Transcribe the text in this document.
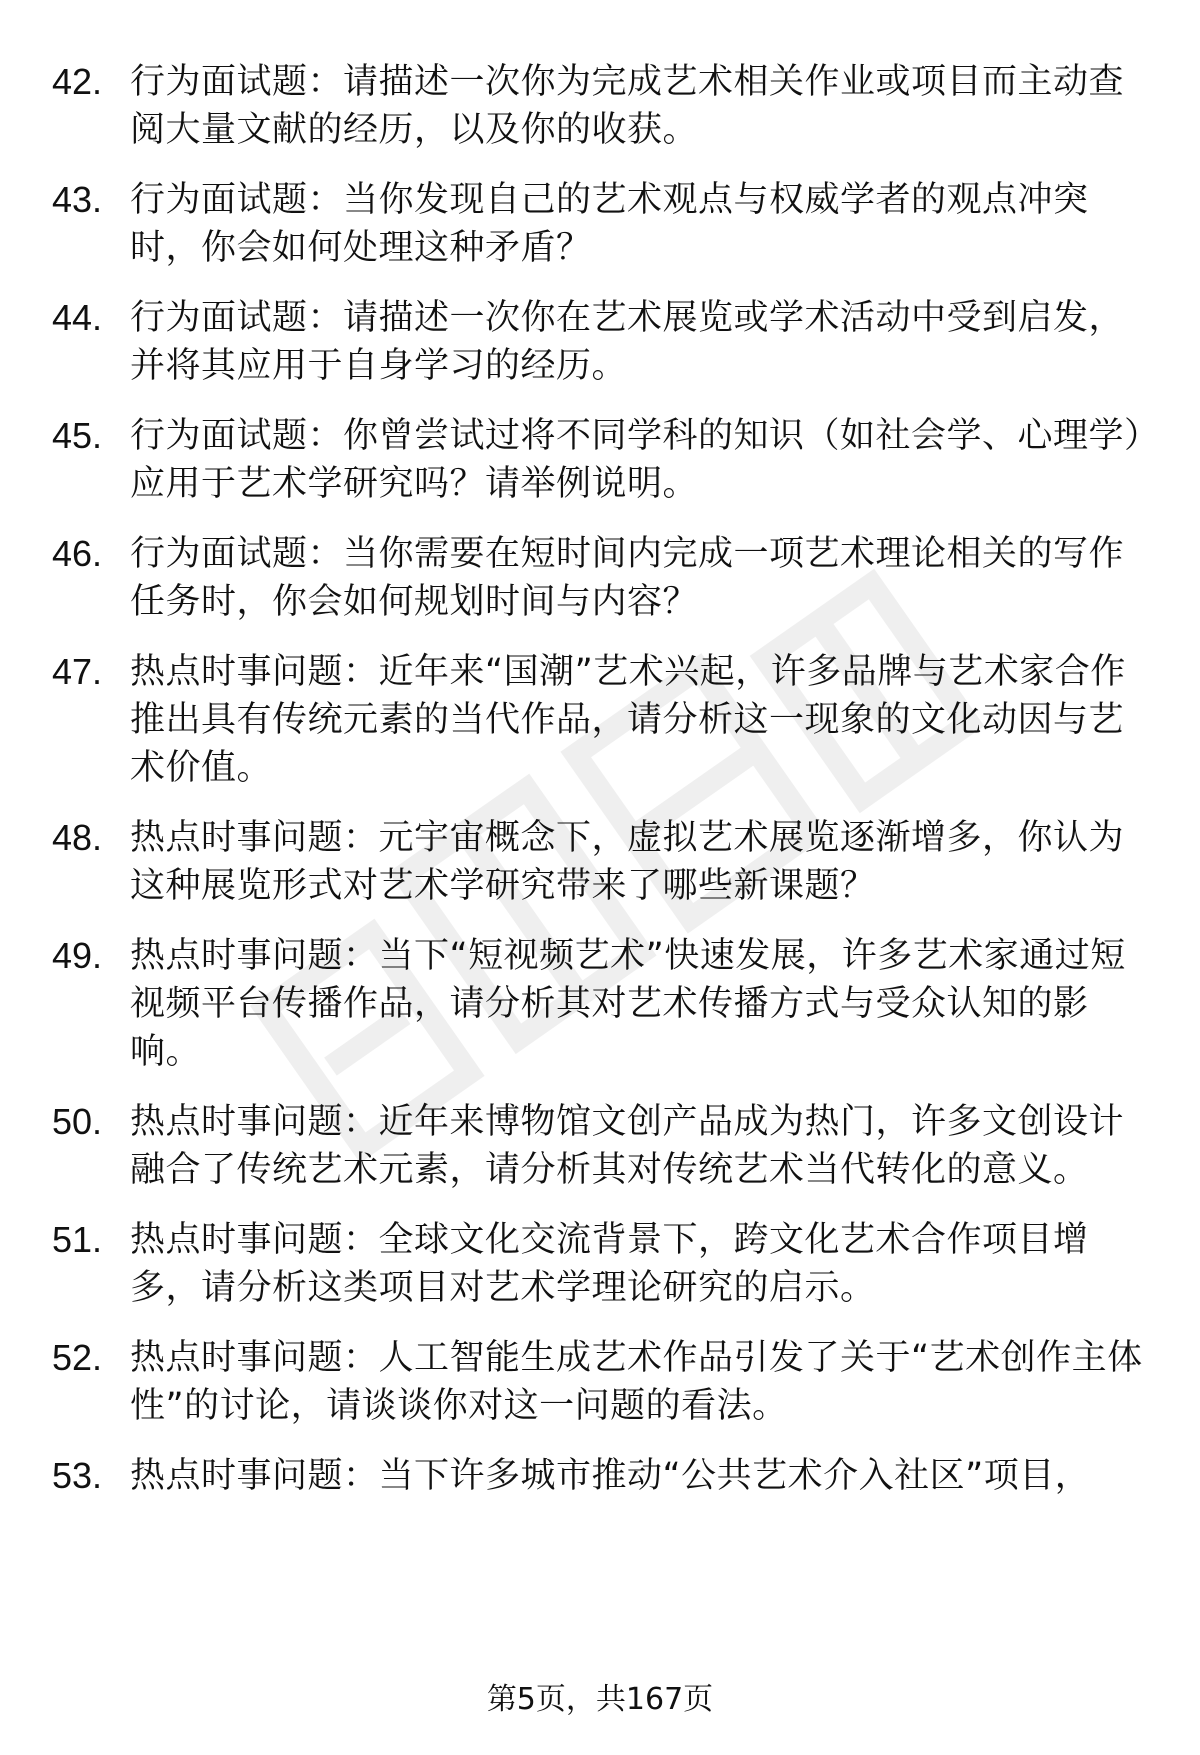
42. 行为面试题：请描述一次你为完成艺术相关作业或项目而主动查阅大量文献的经历，以及你的收获。
43. 行为面试题：当你发现自己的艺术观点与权威学者的观点冲突时，你会如何处理这种矛盾？
44. 行为面试题：请描述一次你在艺术展览或学术活动中受到启发，并将其应用于自身学习的经历。
45. 行为面试题：你曾尝试过将不同学科的知识（如社会学、心理学）应用于艺术学研究吗？请举例说明。
46. 行为面试题：当你需要在短时间内完成一项艺术理论相关的写作任务时，你会如何规划时间与内容？
47. 热点时事问题：近年来“国潮”艺术兴起，许多品牌与艺术家合作推出具有传统元素的当代作品，请分析这一现象的文化动因与艺术价值。
48. 热点时事问题：元宇宙概念下，虚拟艺术展览逐渐增多，你认为这种展览形式对艺术学研究带来了哪些新课题？
49. 热点时事问题：当下“短视频艺术”快速发展，许多艺术家通过短视频平台传播作品，请分析其对艺术传播方式与受众认知的影响。
50. 热点时事问题：近年来博物馆文创产品成为热门，许多文创设计融合了传统艺术元素，请分析其对传统艺术当代转化的意义。
51. 热点时事问题：全球文化交流背景下，跨文化艺术合作项目增多，请分析这类项目对艺术学理论研究的启示。
52. 热点时事问题：人工智能生成艺术作品引发了关于“艺术创作主体性”的讨论，请谈谈你对这一问题的看法。
53. 热点时事问题：当下许多城市推动“公共艺术介入社区”项目，
第5页，共167页
